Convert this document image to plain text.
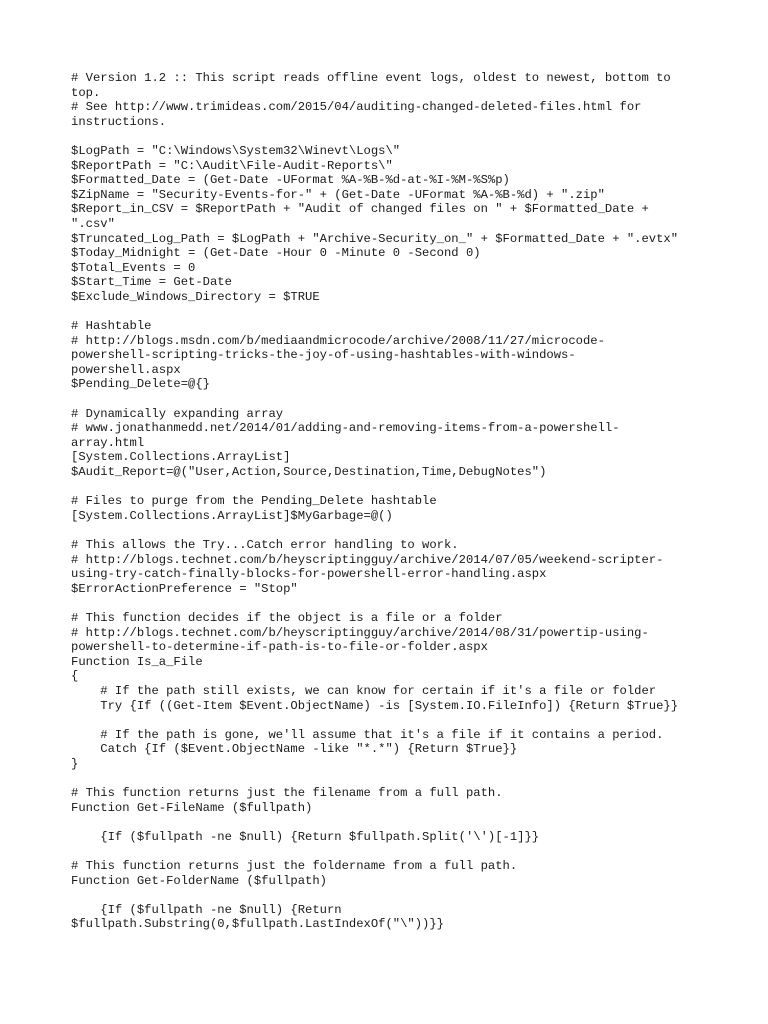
# Version 1.2 :: This script reads offline event logs, oldest to newest, bottom to
top.
# See http://www.trimideas.com/2015/04/auditing-changed-deleted-files.html for
instructions.
$LogPath = "C:\Windows\System32\Winevt\Logs\"
$ReportPath = "C:\Audit\File-Audit-Reports\"
$Formatted_Date = (Get-Date -UFormat %A-%B-%d-at-%I-%M-%S%p)
$ZipName = "Security-Events-for-" + (Get-Date -UFormat %A-%B-%d) + ".zip"
$Report_in_CSV = $ReportPath + "Audit of changed files on " + $Formatted_Date +
".csv"
$Truncated_Log_Path = $LogPath + "Archive-Security_on_" + $Formatted_Date + ".evtx"
$Today_Midnight = (Get-Date -Hour 0 -Minute 0 -Second 0)
$Total_Events = 0
$Start_Time = Get-Date
$Exclude_Windows_Directory = $TRUE
# Hashtable
# http://blogs.msdn.com/b/mediaandmicrocode/archive/2008/11/27/microcode-
powershell-scripting-tricks-the-joy-of-using-hashtables-with-windows-
powershell.aspx
$Pending_Delete=@{}
# Dynamically expanding array
# www.jonathanmedd.net/2014/01/adding-and-removing-items-from-a-powershell-
array.html
[System.Collections.ArrayList]
$Audit_Report=@("User,Action,Source,Destination,Time,DebugNotes")
# Files to purge from the Pending_Delete hashtable
[System.Collections.ArrayList]$MyGarbage=@()
# This allows the Try...Catch error handling to work.
# http://blogs.technet.com/b/heyscriptingguy/archive/2014/07/05/weekend-scripter-
using-try-catch-finally-blocks-for-powershell-error-handling.aspx
$ErrorActionPreference = "Stop"
# This function decides if the object is a file or a folder
# http://blogs.technet.com/b/heyscriptingguy/archive/2014/08/31/powertip-using-
powershell-to-determine-if-path-is-to-file-or-folder.aspx
Function Is_a_File
{
# If the path still exists, we can know for certain if it's a file or folder
Try {If ((Get-Item $Event.ObjectName) -is [System.IO.FileInfo]) {Return $True}}
# If the path is gone, we'll assume that it's a file if it contains a period.
Catch {If ($Event.ObjectName -like "*.*") {Return $True}}
}
# This function returns just the filename from a full path.
Function Get-FileName ($fullpath)
{If ($fullpath -ne $null) {Return $fullpath.Split('\')[-1]}}
# This function returns just the foldername from a full path.
Function Get-FolderName ($fullpath)
{If ($fullpath -ne $null) {Return
$fullpath.Substring(0,$fullpath.LastIndexOf("\"))}}
